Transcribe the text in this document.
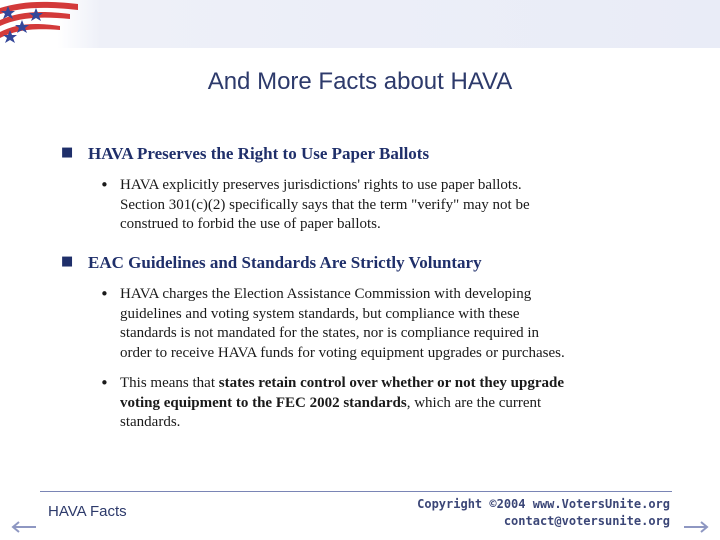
And More Facts about HAVA
■ HAVA Preserves the Right to Use Paper Ballots
• HAVA explicitly preserves jurisdictions' rights to use paper ballots.
Section 301(c)(2) specifically says that the term "verify" may not be
construed to forbid the use of paper ballots.
■ EAC Guidelines and Standards Are Strictly Voluntary
• HAVA charges the Election Assistance Commission with developing
guidelines and voting system standards, but compliance with these
standards is not mandated for the states, nor is compliance required in
order to receive HAVA funds for voting equipment upgrades or purchases.
• This means that states retain control over whether or not they upgrade
voting equipment to the FEC 2002 standards, which are the current
standards.
HAVA Facts	Copyright ©2004 www.VotersUnite.org
contact@votersunite.org
